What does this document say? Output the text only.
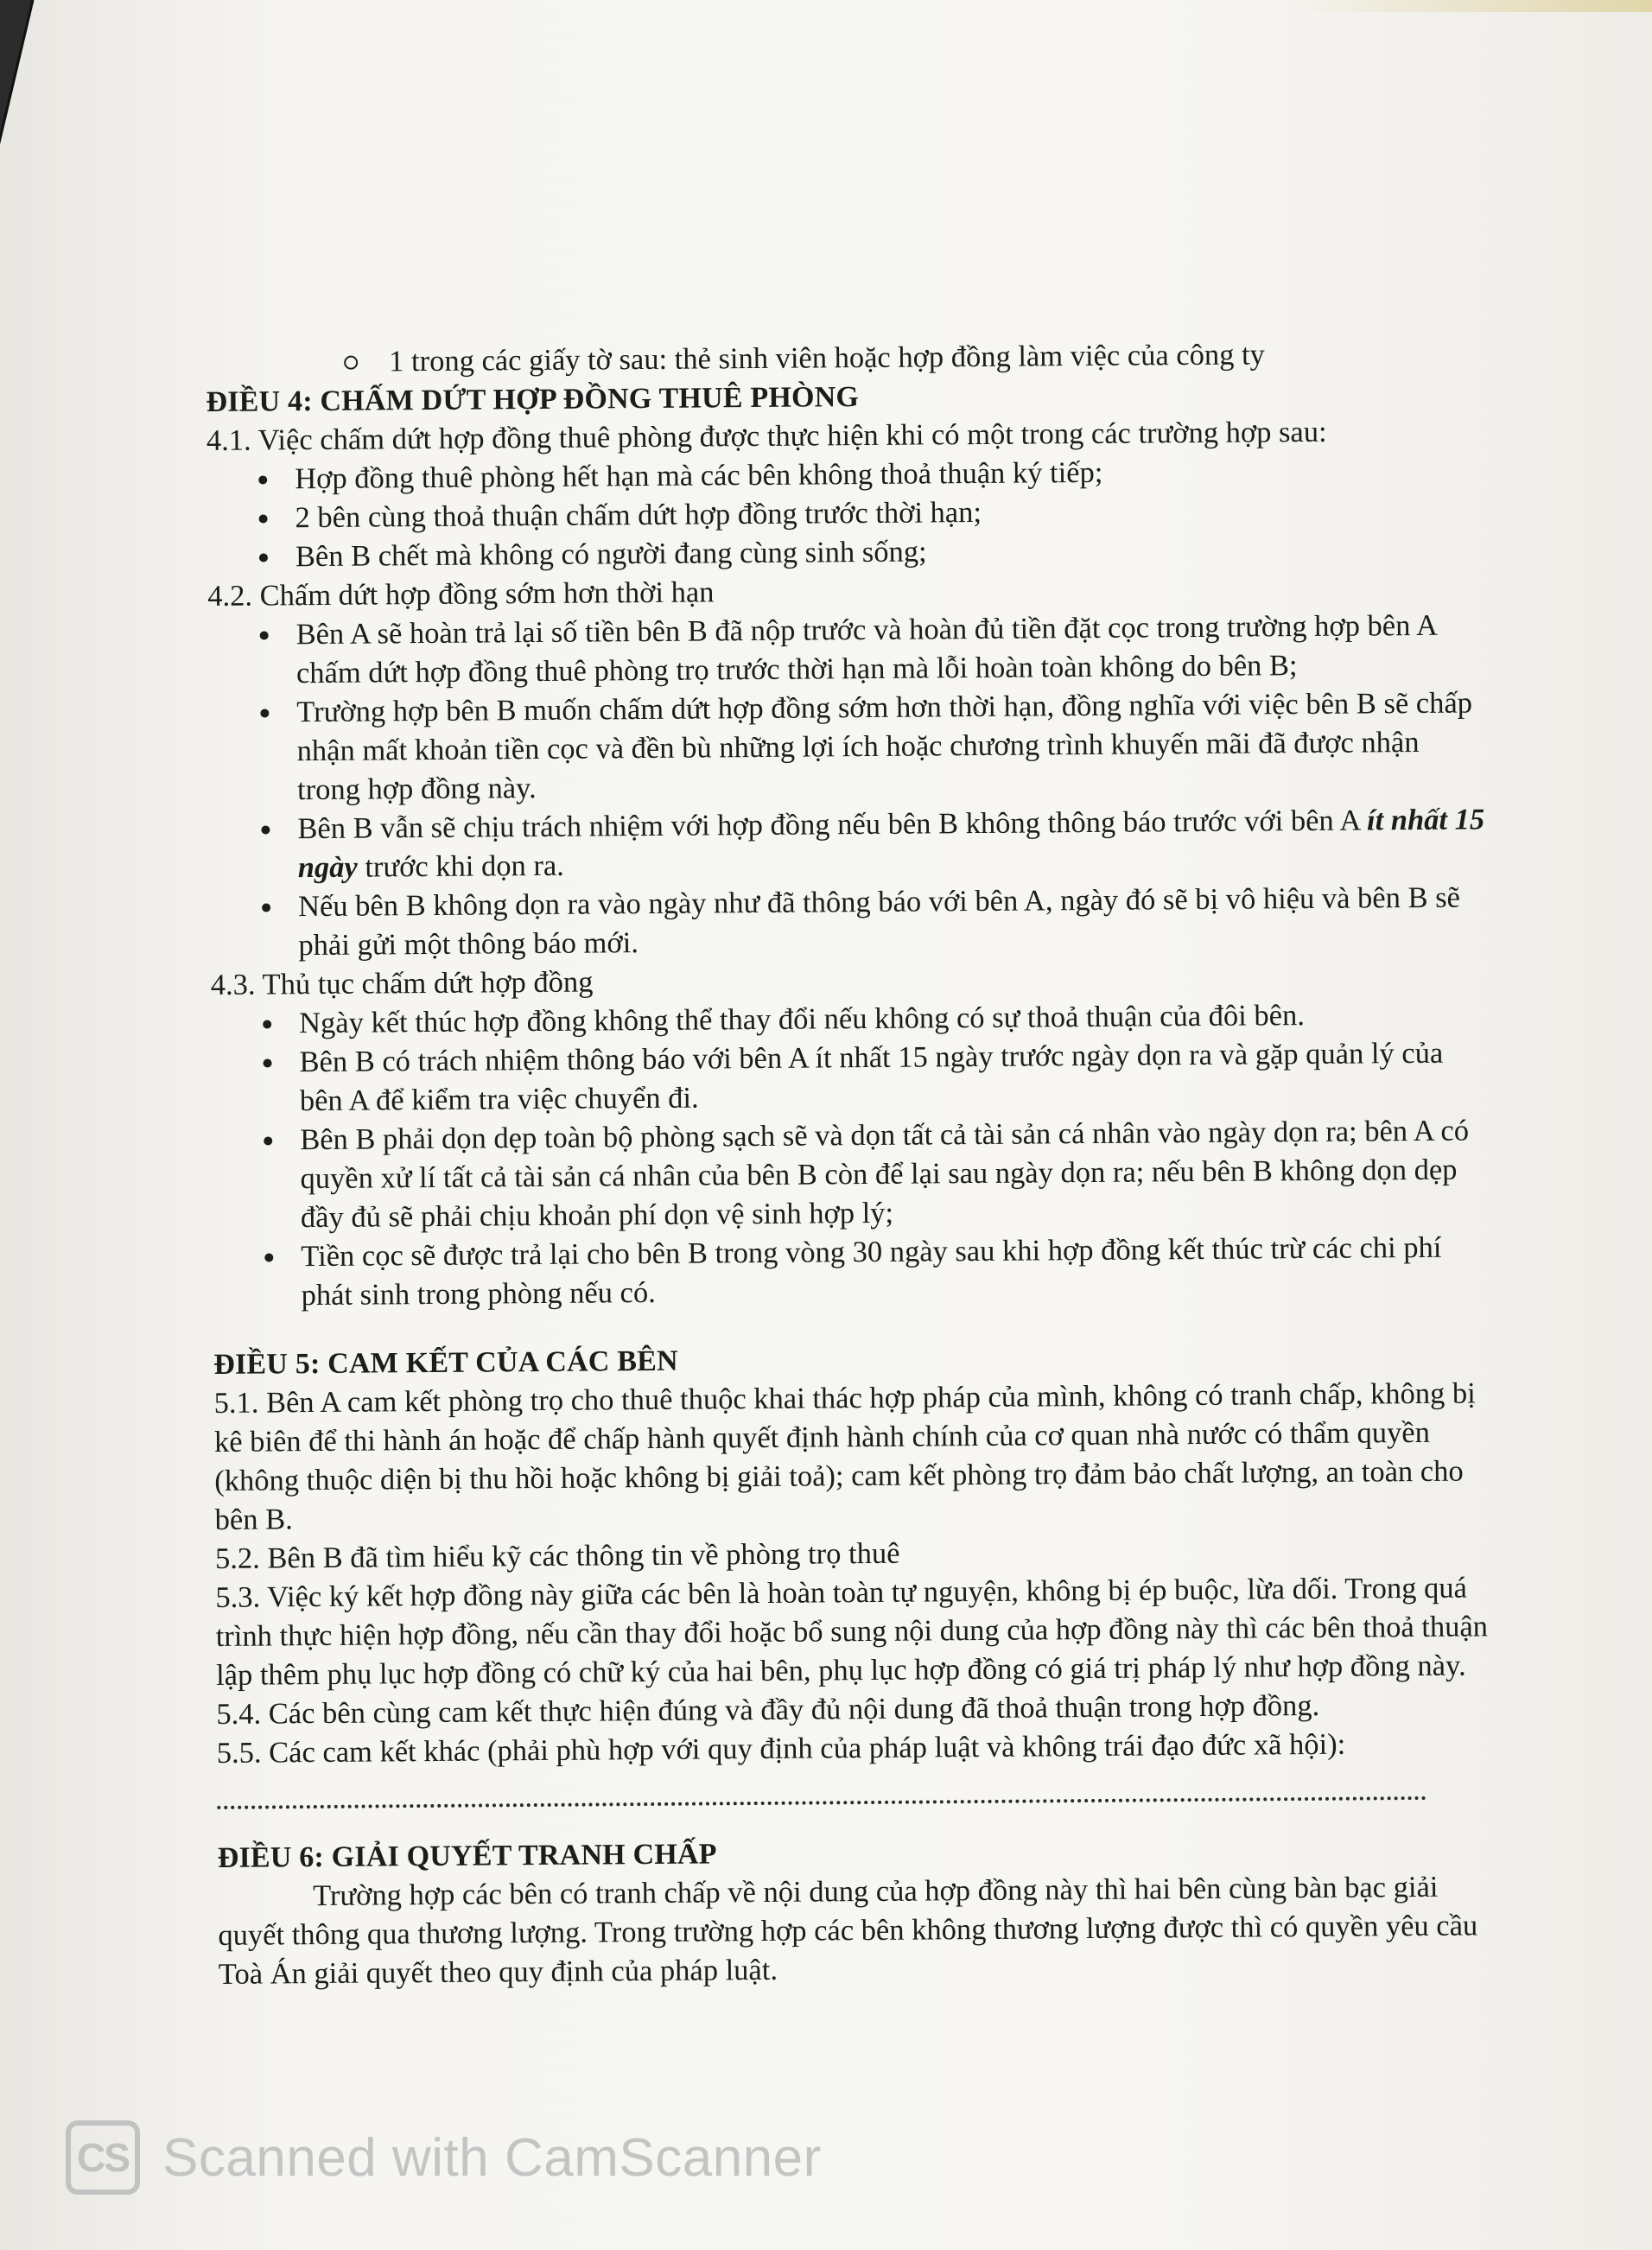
1 trong các giấy tờ sau: thẻ sinh viên hoặc hợp đồng làm việc của công ty

ĐIỀU 4: CHẤM DỨT HỢP ĐỒNG THUÊ PHÒNG

4.1. Việc chấm dứt hợp đồng thuê phòng được thực hiện khi có một trong các trường hợp sau:

Hợp đồng thuê phòng hết hạn mà các bên không thoả thuận ký tiếp;
2 bên cùng thoả thuận chấm dứt hợp đồng trước thời hạn;
Bên B chết mà không có người đang cùng sinh sống;

4.2. Chấm dứt hợp đồng sớm hơn thời hạn

Bên A sẽ hoàn trả lại số tiền bên B đã nộp trước và hoàn đủ tiền đặt cọc trong trường hợp bên A chấm dứt hợp đồng thuê phòng trọ trước thời hạn mà lỗi hoàn toàn không do bên B;
Trường hợp bên B muốn chấm dứt hợp đồng sớm hơn thời hạn, đồng nghĩa với việc bên B sẽ chấp nhận mất khoản tiền cọc và đền bù những lợi ích hoặc chương trình khuyến mãi đã được nhận trong hợp đồng này.
Bên B vẫn sẽ chịu trách nhiệm với hợp đồng nếu bên B không thông báo trước với bên A ít nhất 15 ngày trước khi dọn ra.
Nếu bên B không dọn ra vào ngày như đã thông báo với bên A, ngày đó sẽ bị vô hiệu và bên B sẽ phải gửi một thông báo mới.

4.3. Thủ tục chấm dứt hợp đồng

Ngày kết thúc hợp đồng không thể thay đổi nếu không có sự thoả thuận của đôi bên.
Bên B có trách nhiệm thông báo với bên A ít nhất 15 ngày trước ngày dọn ra và gặp quản lý của bên A để kiểm tra việc chuyển đi.
Bên B phải dọn dẹp toàn bộ phòng sạch sẽ và dọn tất cả tài sản cá nhân vào ngày dọn ra; bên A có quyền xử lí tất cả tài sản cá nhân của bên B còn để lại sau ngày dọn ra; nếu bên B không dọn dẹp đầy đủ sẽ phải chịu khoản phí dọn vệ sinh hợp lý;
Tiền cọc sẽ được trả lại cho bên B trong vòng 30 ngày sau khi hợp đồng kết thúc trừ các chi phí phát sinh trong phòng nếu có.
ĐIỀU 5: CAM KẾT CỦA CÁC BÊN

5.1. Bên A cam kết phòng trọ cho thuê thuộc khai thác hợp pháp của mình, không có tranh chấp, không bị kê biên để thi hành án hoặc để chấp hành quyết định hành chính của cơ quan nhà nước có thẩm quyền (không thuộc diện bị thu hồi hoặc không bị giải toả); cam kết phòng trọ đảm bảo chất lượng, an toàn cho bên B.

5.2. Bên B đã tìm hiểu kỹ các thông tin về phòng trọ thuê

5.3. Việc ký kết hợp đồng này giữa các bên là hoàn toàn tự nguyện, không bị ép buộc, lừa dối. Trong quá trình thực hiện hợp đồng, nếu cần thay đổi hoặc bổ sung nội dung của hợp đồng này thì các bên thoả thuận lập thêm phụ lục hợp đồng có chữ ký của hai bên, phụ lục hợp đồng có giá trị pháp lý như hợp đồng này.

5.4. Các bên cùng cam kết thực hiện đúng và đầy đủ nội dung đã thoả thuận trong hợp đồng.

5.5. Các cam kết khác (phải phù hợp với quy định của pháp luật và không trái đạo đức xã hội):

ĐIỀU 6: GIẢI QUYẾT TRANH CHẤP

Trường hợp các bên có tranh chấp về nội dung của hợp đồng này thì hai bên cùng bàn bạc giải quyết thông qua thương lượng. Trong trường hợp các bên không thương lượng được thì có quyền yêu cầu Toà Án giải quyết theo quy định của pháp luật.

CS Scanned with CamScanner
